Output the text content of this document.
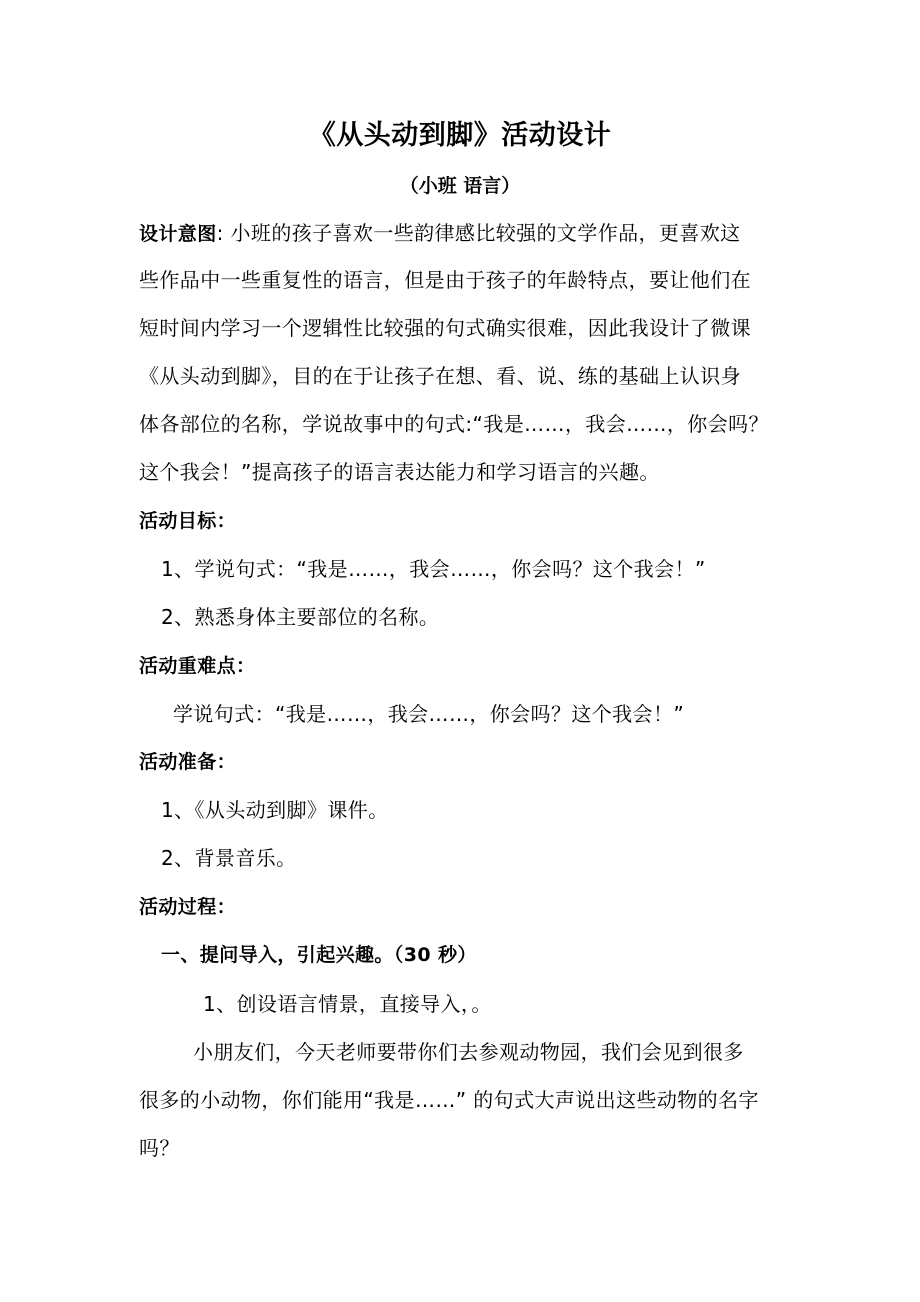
《从头动到脚》活动设计
（小班 语言）
设计意图: 小班的孩子喜欢一些韵律感比较强的文学作品，更喜欢这
些作品中一些重复性的语言，但是由于孩子的年龄特点，要让他们在
短时间内学习一个逻辑性比较强的句式确实很难，因此我设计了微课
《从头动到脚》，目的在于让孩子在想、看、说、练的基础上认识身
体各部位的名称，学说故事中的句式:“我是……，我会……，你会吗？
这个我会！”提高孩子的语言表达能力和学习语言的兴趣。
活动目标：
1、学说句式：“我是……，我会……，你会吗？这个我会！”
2、熟悉身体主要部位的名称。
活动重难点：
学说句式：“我是……，我会……，你会吗？这个我会！”
活动准备：
1、《从头动到脚》课件。
2、背景音乐。
活动过程：
一、提问导入，引起兴趣。（30 秒）
1、创设语言情景，直接导入，。
小朋友们，今天老师要带你们去参观动物园，我们会见到很多
很多的小动物，你们能用“我是……” 的句式大声说出这些动物的名字
吗？
